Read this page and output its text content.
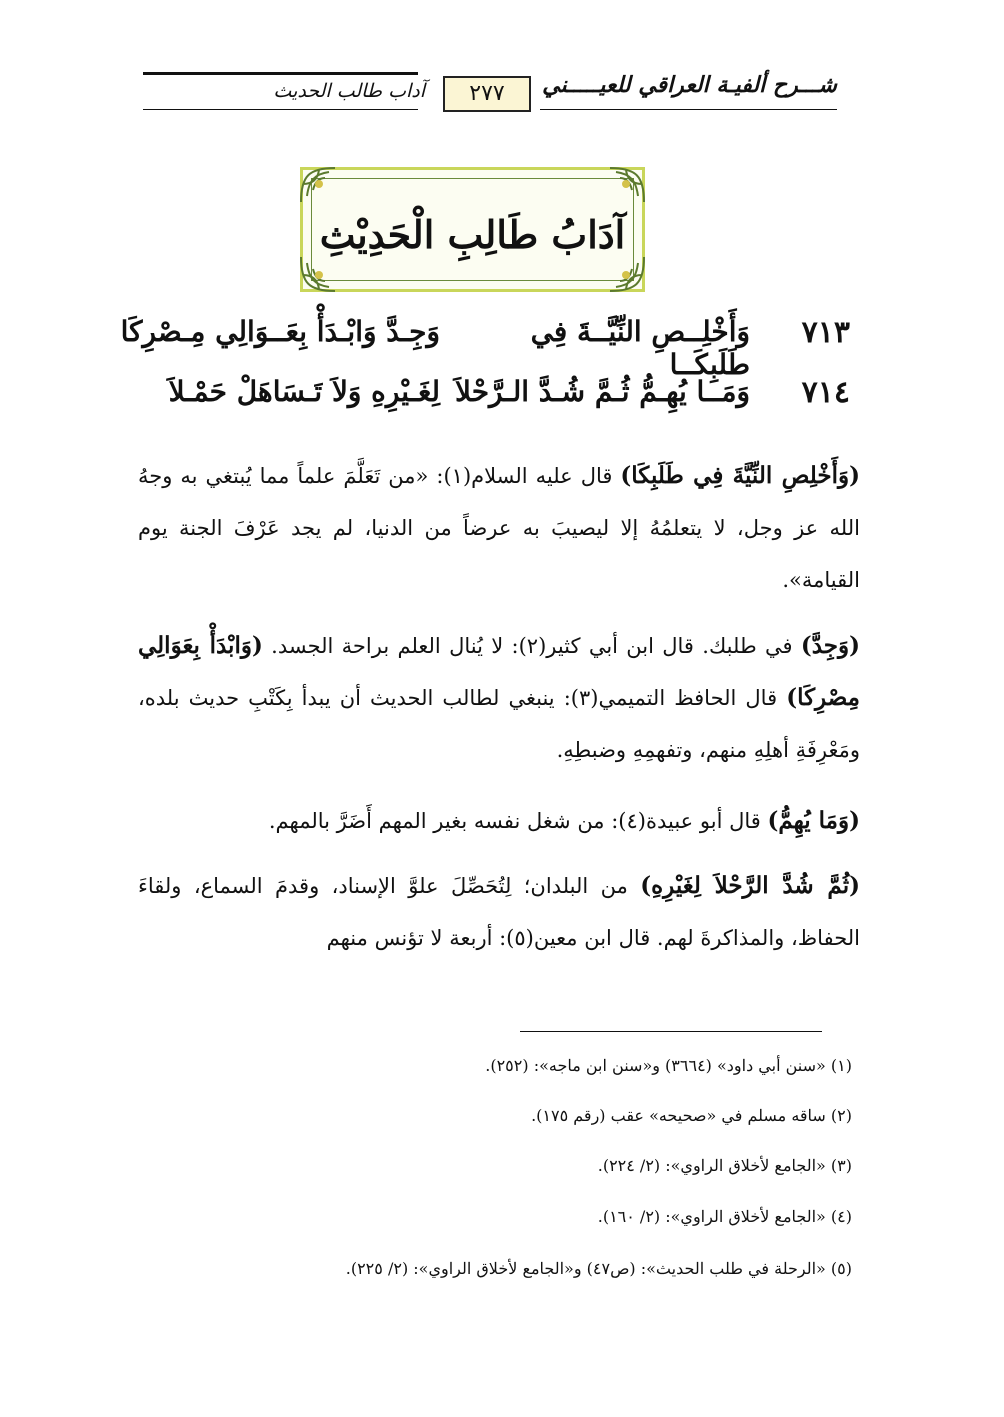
آداب طالب الحديث	٢٧٧	شـــرح ألفيـة العراقي للعيـــــني
آدَابُ طَالِبِ الْحَدِيْثِ
٧١٣
وَأَخْلِــصِ النِّيَّــةَ فِي طَلَبِكَــا
وَجِـدَّ وَابْـدَأْ بِعَــوَالِي مِـصْرِكَا
٧١٤
وَمَــا يُهِـمُّ ثُـمَّ شُـدَّ الـرَّحْلاَ
لِغَـيْرِهِ وَلاَ تَـسَاهَلْ حَمْـلاَ
(وَأَخْلِصِ النِّيَّةَ فِي طَلَبِكَا) قال عليه السلام(١): «من تَعَلَّمَ علماً مما يُبتغي به وجهُ الله عز وجل، لا يتعلمُهُ إلا ليصيبَ به عرضاً من الدنيا، لم يجد عَرْفَ الجنة يوم القيامة».
(وَجِدَّ) في طلبك. قال ابن أبي كثير(٢): لا يُنال العلم براحة الجسد. (وَابْدَأْ بِعَوَالِي مِصْرِكَا) قال الحافظ التميمي(٣): ينبغي لطالب الحديث أن يبدأ بِكَتْبِ حديث بلده، ومَعْرِفَةِ أهلِهِ منهم، وتفهمِهِ وضبطِهِ.
(وَمَا يُهِمُّ) قال أبو عبيدة(٤): من شغل نفسه بغير المهم أَضَرَّ بالمهم.
(ثُمَّ شُدَّ الرَّحْلاَ لِغَيْرِهِ) من البلدان؛ لِتُحَصِّلَ علوَّ الإسناد، وقدمَ السماع، ولقاءَ الحفاظ، والمذاكرةَ لهم. قال ابن معين(٥): أربعة لا تؤنس منهم
(١) «سنن أبي داود» (٣٦٦٤) و«سنن ابن ماجه»: (٢٥٢).
(٢) ساقه مسلم في «صحيحه» عقب (رقم ١٧٥).
(٣) «الجامع لأخلاق الراوي»: (٢/ ٢٢٤).
(٤) «الجامع لأخلاق الراوي»: (٢/ ١٦٠).
(٥) «الرحلة في طلب الحديث»: (ص٤٧) و«الجامع لأخلاق الراوي»: (٢/ ٢٢٥).
